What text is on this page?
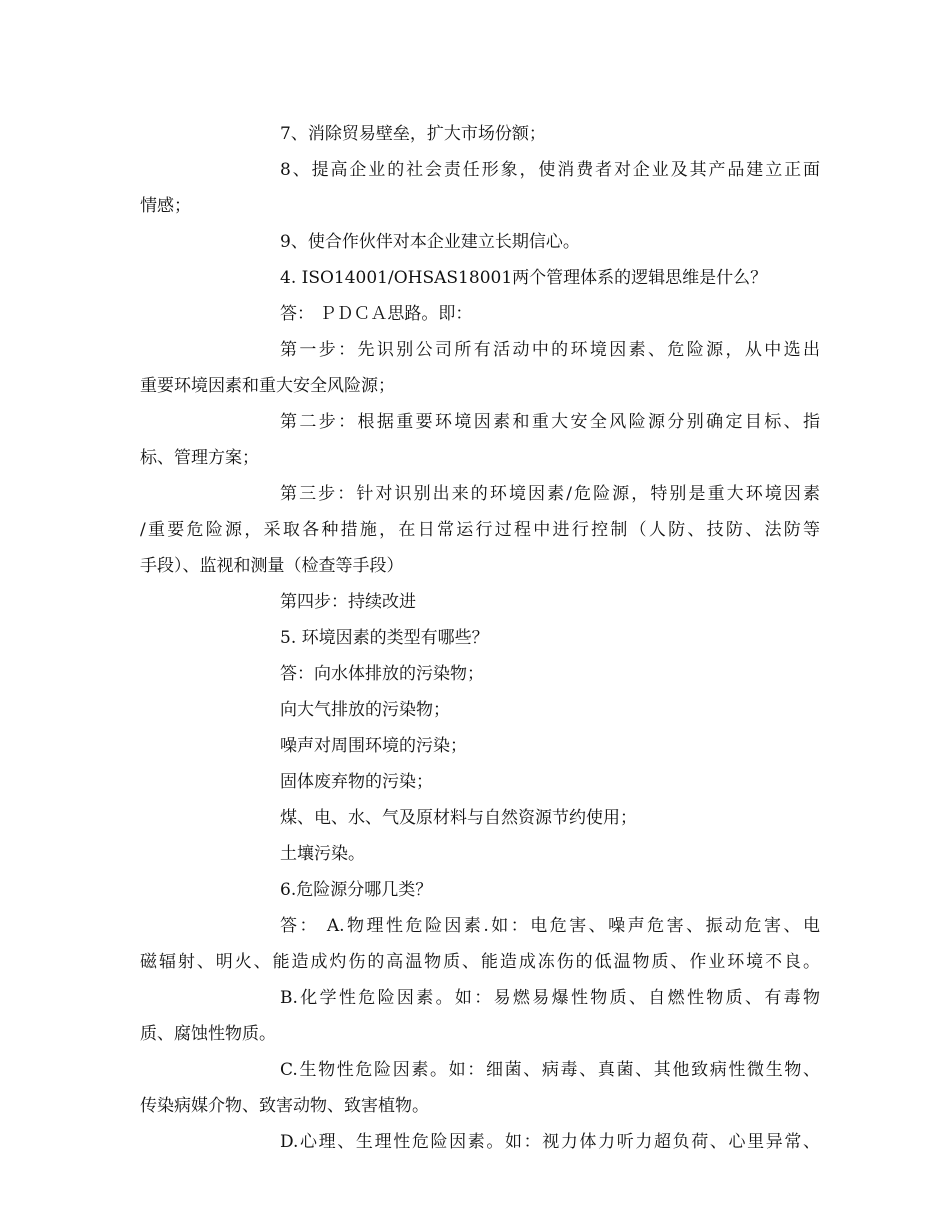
7、消除贸易壁垒，扩大市场份额；

8、提高企业的社会责任形象，使消费者对企业及其产品建立正面

情感；

9、使合作伙伴对本企业建立长期信心。

4. ISO14001/OHSAS18001两个管理体系的逻辑思维是什么？

答： ＰＤＣＡ思路。即：

第一步：先识别公司所有活动中的环境因素、危险源，从中选出

重要环境因素和重大安全风险源；

第二步：根据重要环境因素和重大安全风险源分别确定目标、指

标、管理方案；

第三步：针对识别出来的环境因素/危险源，特别是重大环境因素

/重要危险源，采取各种措施，在日常运行过程中进行控制（人防、技防、法防等

手段）、监视和测量（检查等手段）

第四步：持续改进

5. 环境因素的类型有哪些？

答：向水体排放的污染物；

向大气排放的污染物；

噪声对周围环境的污染；

固体废弃物的污染；

煤、电、水、气及原材料与自然资源节约使用；

土壤污染。

6.危险源分哪几类？

答： A.物理性危险因素.如：电危害、噪声危害、振动危害、电

磁辐射、明火、能造成灼伤的高温物质、能造成冻伤的低温物质、作业环境不良。

B.化学性危险因素。如：易燃易爆性物质、自燃性物质、有毒物

质、腐蚀性物质。

C.生物性危险因素。如：细菌、病毒、真菌、其他致病性微生物、

传染病媒介物、致害动物、致害植物。

D.心理、生理性危险因素。如：视力体力听力超负荷、心里异常、
